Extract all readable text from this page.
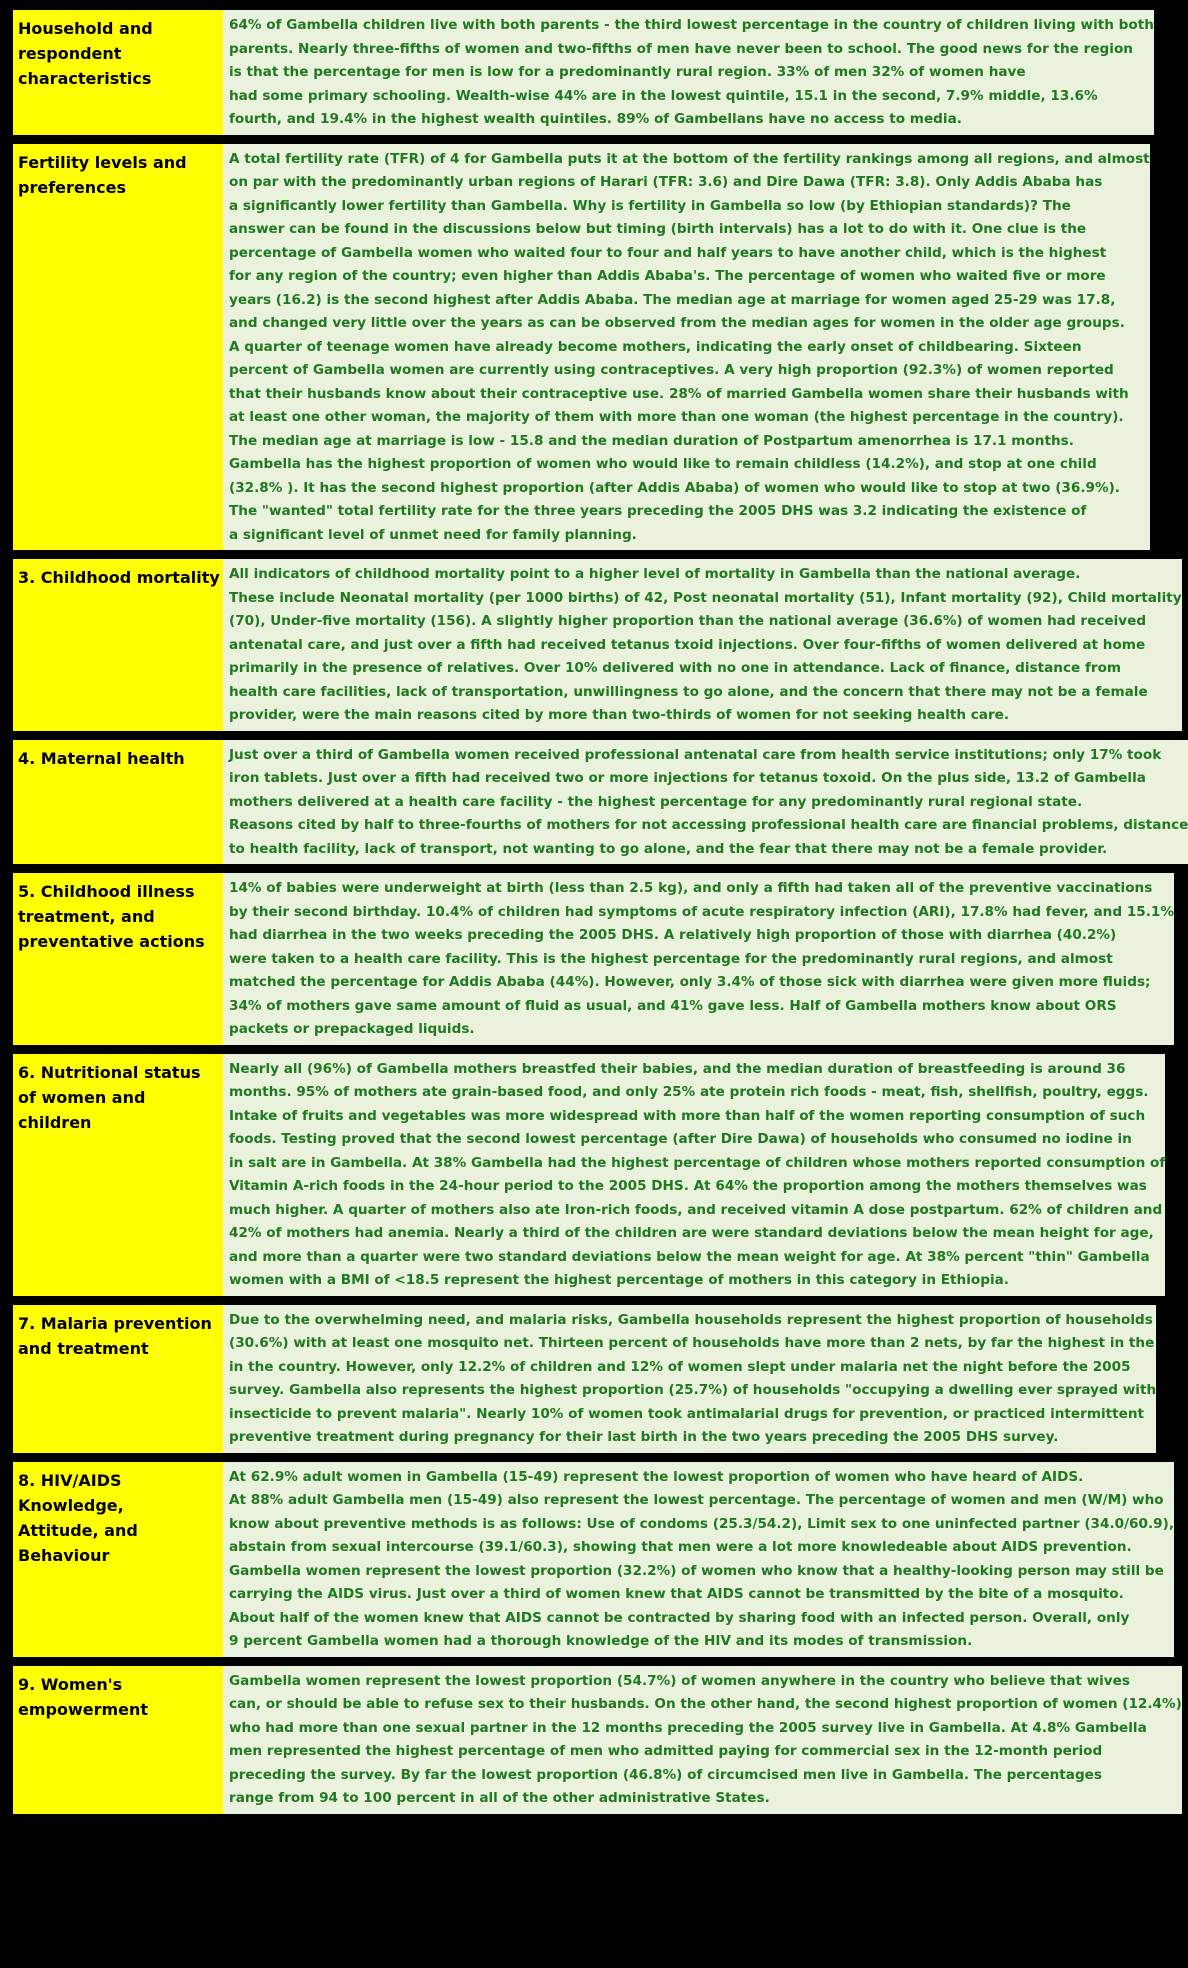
Household and respondent
characteristics
64% of Gambella children live with both parents - the third lowest percentage in the country of children living with both
parents. Nearly three-fifths of women and two-fifths of men have never been to school. The good news for the region
is that the percentage for men is low for a predominantly rural region. 33% of men 32% of women have
had some primary schooling. Wealth-wise 44% are in the lowest quintile, 15.1 in the second, 7.9% middle, 13.6%
fourth, and 19.4% in the highest wealth quintiles. 89% of Gambellans have no access to media.
Fertility levels and
preferences
A total fertility rate (TFR) of 4 for Gambella puts it at the bottom of the fertility rankings among all regions, and almost
on par with the predominantly urban regions of Harari (TFR: 3.6) and Dire Dawa (TFR: 3.8). Only Addis Ababa has
a significantly lower fertility than Gambella. Why is fertility in Gambella so low (by Ethiopian standards)? The
answer can be found in the discussions below but timing (birth intervals) has a lot to do with it. One clue is the
percentage of Gambella women who waited four to four and half years to have another child, which is the highest
for any region of the country; even higher than Addis Ababa's. The percentage of women who waited five or more
years (16.2) is the second highest after Addis Ababa. The median age at marriage for women aged 25-29 was 17.8,
and changed very little over the years as can be observed from the median ages for women in the older age groups.
A quarter of teenage women have already become mothers, indicating the early onset of childbearing. Sixteen
percent of Gambella women are currently using contraceptives. A very high proportion (92.3%) of women reported
that their husbands know about their contraceptive use. 28% of married Gambella women share their husbands with
at least one other woman, the majority of them with more than one woman (the highest percentage in the country).
The median age at marriage is low - 15.8 and the median duration of Postpartum amenorrhea is 17.1 months.
Gambella has the highest proportion of women who would like to remain childless (14.2%), and stop at one child
(32.8% ). It has the second highest proportion (after Addis Ababa) of women who would like to stop at two (36.9%).
The "wanted" total fertility rate for the three years preceding the 2005 DHS was 3.2 indicating the existence of
a significant level of unmet need for family planning.
3. Childhood mortality All indicators of childhood mortality point to a higher level of mortality in Gambella than the national average.
These include Neonatal mortality (per 1000 births) of 42, Post neonatal mortality (51), Infant mortality (92), Child mortality
(70), Under-five mortality (156). A slightly higher proportion than the national average (36.6%) of women had received
antenatal care, and just over a fifth had received tetanus txoid injections. Over four-fifths of women delivered at home
primarily in the presence of relatives. Over 10% delivered with no one in attendance. Lack of finance, distance from
health care facilities, lack of transportation, unwillingness to go alone, and the concern that there may not be a female
provider, were the main reasons cited by more than two-thirds of women for not seeking health care.
4. Maternal health	Just over a third of Gambella women received professional antenatal care from health service institutions; only 17% took
iron tablets. Just over a fifth had received two or more injections for tetanus toxoid. On the plus side, 13.2 of Gambella
mothers delivered at a health care facility - the highest percentage for any predominantly rural regional state.
Reasons cited by half to three-fourths of mothers for not accessing professional health care are financial problems, distance
to health facility, lack of transport, not wanting to go alone, and the fear that there may not be a female provider.
5. Childhood illness
treatment, and
preventative actions
14% of babies were underweight at birth (less than 2.5 kg), and only a fifth had taken all of the preventive vaccinations
by their second birthday. 10.4% of children had symptoms of acute respiratory infection (ARI), 17.8% had fever, and 15.1%
had diarrhea in the two weeks preceding the 2005 DHS. A relatively high proportion of those with diarrhea (40.2%)
were taken to a health care facility. This is the highest percentage for the predominantly rural regions, and almost
matched the percentage for Addis Ababa (44%). However, only 3.4% of those sick with diarrhea were given more fluids;
34% of mothers gave same amount of fluid as usual, and 41% gave less. Half of Gambella mothers know about ORS
packets or prepackaged liquids.
6. Nutritional status
of women and children
Nearly all (96%) of Gambella mothers breastfed their babies, and the median duration of breastfeeding is around 36
months. 95% of mothers ate grain-based food, and only 25% ate protein rich foods - meat, fish, shellfish, poultry, eggs.
Intake of fruits and vegetables was more widespread with more than half of the women reporting consumption of such
foods. Testing proved that the second lowest percentage (after Dire Dawa) of households who consumed no iodine in
in salt are in Gambella. At 38% Gambella had the highest percentage of children whose mothers reported consumption of
Vitamin A-rich foods in the 24-hour period to the 2005 DHS. At 64% the proportion among the mothers themselves was
much higher. A quarter of mothers also ate Iron-rich foods, and received vitamin A dose postpartum. 62% of children and
42% of mothers had anemia. Nearly a third of the children are were standard deviations below the mean height for age,
and more than a quarter were two standard deviations below the mean weight for age. At 38% percent "thin" Gambella
women with a BMI of <18.5 represent the highest percentage of mothers in this category in Ethiopia.
7. Malaria prevention
and treatment
Due to the overwhelming need, and malaria risks, Gambella households represent the highest proportion of households
(30.6%) with at least one mosquito net. Thirteen percent of households have more than 2 nets, by far the highest in the
in the country. However, only 12.2% of children and 12% of women slept under malaria net the night before the 2005
survey. Gambella also represents the highest proportion (25.7%) of households "occupying a dwelling ever sprayed with
insecticide to prevent malaria". Nearly 10% of women took antimalarial drugs for prevention, or practiced intermittent
preventive treatment during pregnancy for their last birth in the two years preceding the 2005 DHS survey.
8. HIV/AIDS Knowledge,
Attitude, and Behaviour
At 62.9% adult women in Gambella (15-49) represent the lowest proportion of women who have heard of AIDS.
At 88% adult Gambella men (15-49) also represent the lowest percentage. The percentage of women and men (W/M) who
know about preventive methods is as follows: Use of condoms (25.3/54.2), Limit sex to one uninfected partner (34.0/60.9),
abstain from sexual intercourse (39.1/60.3), showing that men were a lot more knowledeable about AIDS prevention.
Gambella women represent the lowest proportion (32.2%) of women who know that a healthy-looking person may still be
carrying the AIDS virus. Just over a third of women knew that AIDS cannot be transmitted by the bite of a mosquito.
About half of the women knew that AIDS cannot be contracted by sharing food with an infected person. Overall, only
9 percent Gambella women had a thorough knowledge of the HIV and its modes of transmission.
9. Women's empowerment
Gambella women represent the lowest proportion (54.7%) of women anywhere in the country who believe that wives
can, or should be able to refuse sex to their husbands. On the other hand, the second highest proportion of women (12.4%)
who had more than one sexual partner in the 12 months preceding the 2005 survey live in Gambella. At 4.8% Gambella
men represented the highest percentage of men who admitted paying for commercial sex in the 12-month period
preceding the survey. By far the lowest proportion (46.8%) of circumcised men live in Gambella. The percentages
range from 94 to 100 percent in all of the other administrative States.
